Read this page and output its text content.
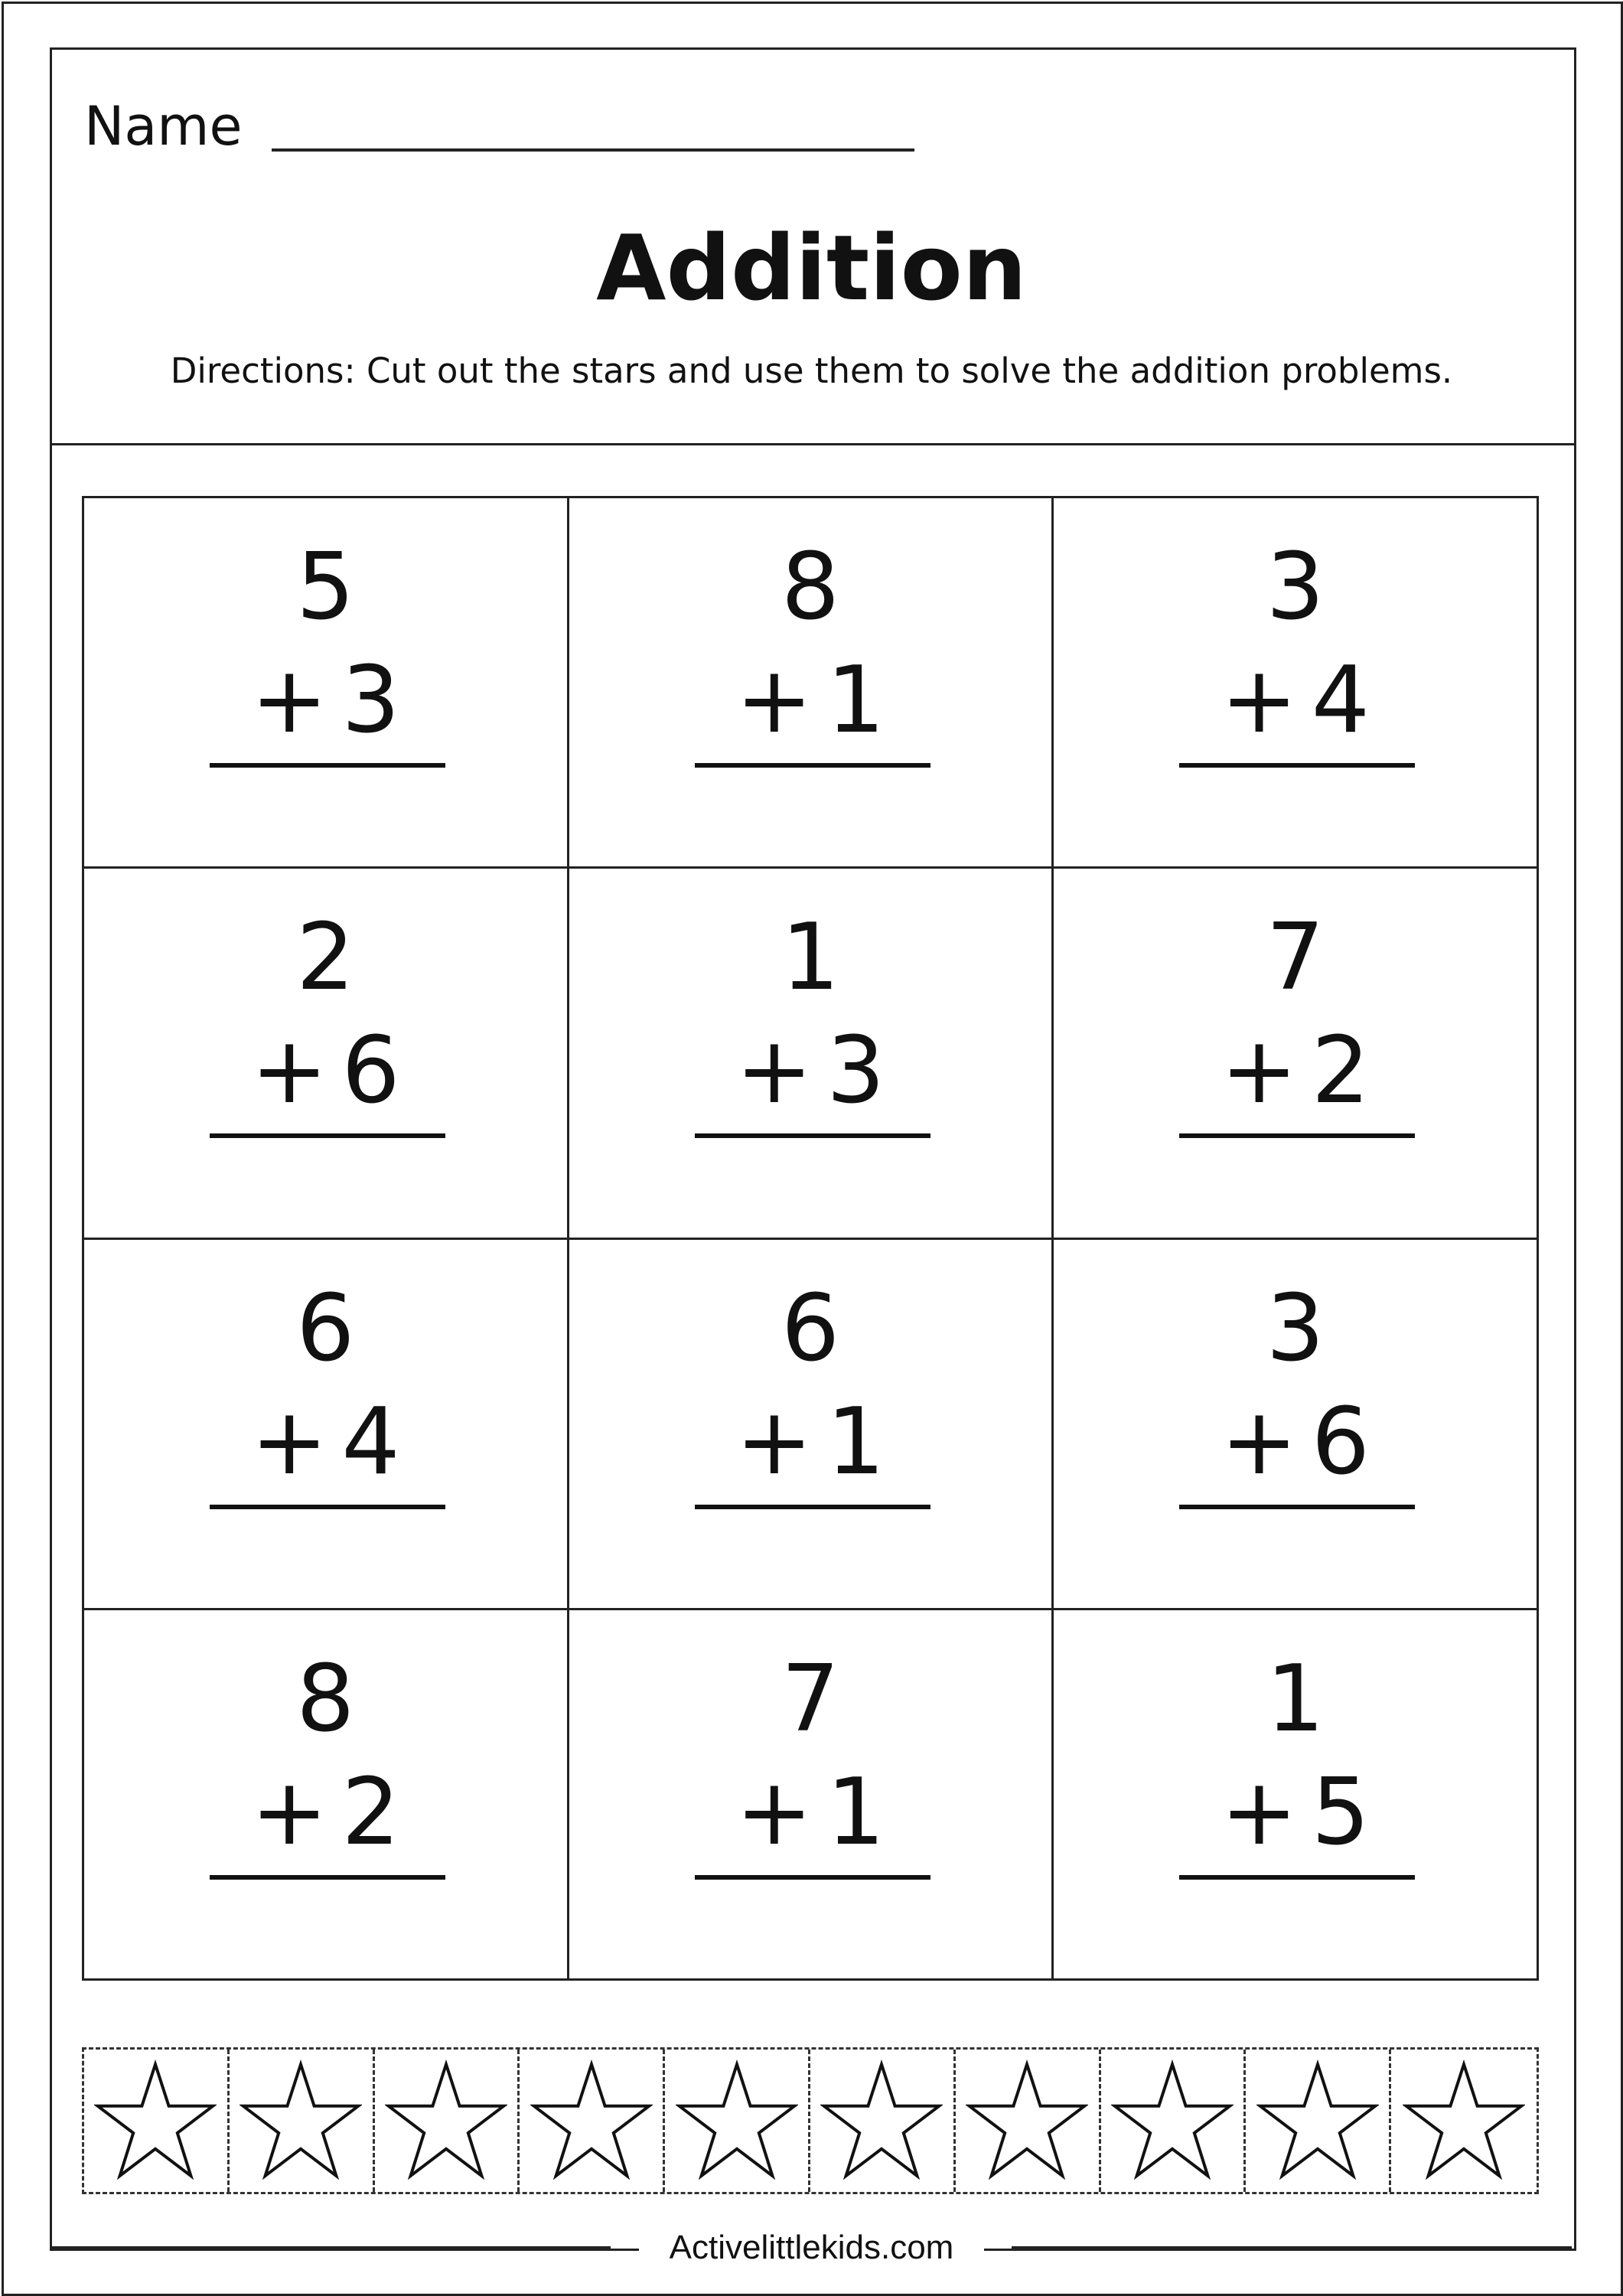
Name
Addition
Directions: Cut out the stars and use them to solve the addition problems.
5
+ 3
8
+ 1
3
+ 4
2
+ 6
1
+ 3
7
+ 2
6
+ 4
6
+ 1
3
+ 6
8
+ 2
7
+ 1
1
+ 5
Activelittlekids.com
